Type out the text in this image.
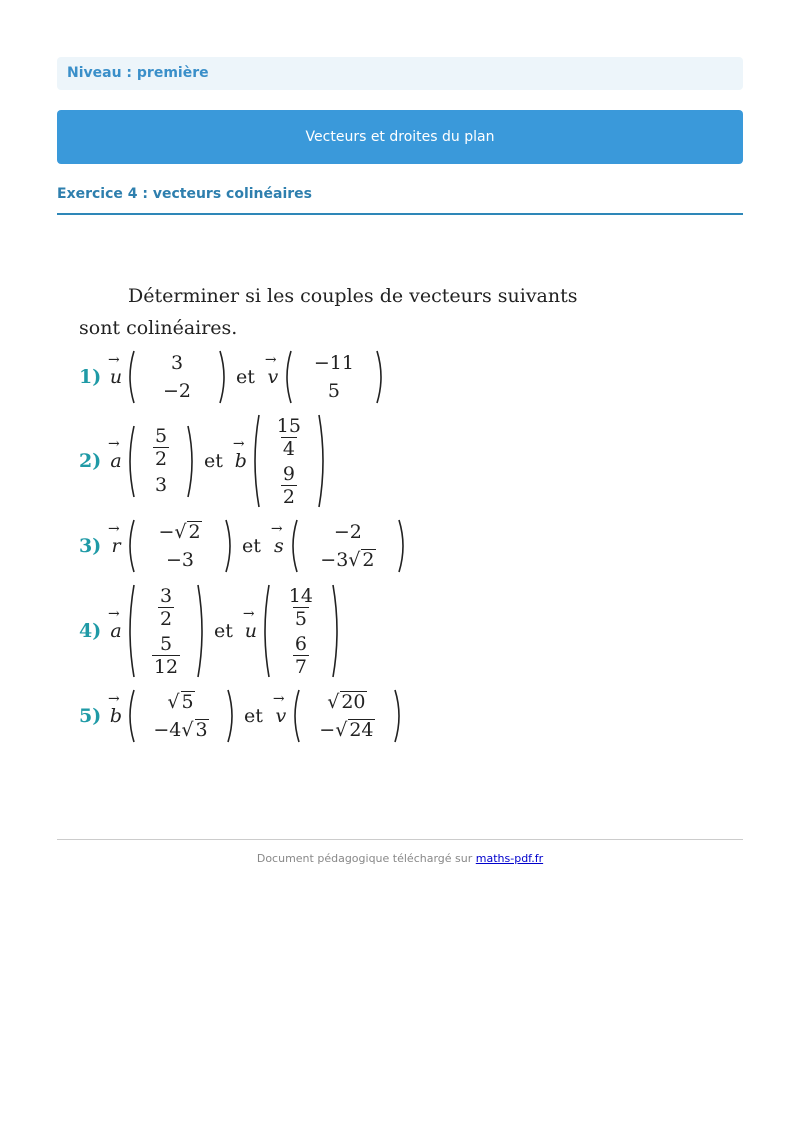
Niveau : première
Vecteurs et droites du plan
Exercice 4 : vecteurs colinéaires

Déterminer si les couples de vecteurs suivants

sont colinéaires.

1) → u
3
−2
et → v
−11
5
2) → a $\frac{5}{2}$
3
et → b
$\frac{15}{4}$
$\frac{9}{2}$
3) → r
−√ 2
−3
et → s
−2
−3√ 2
4) → a
$\frac{3}{2}$
$\frac{5}{12}$
et → u
$\frac{14}{5}$
$\frac{6}{7}$
5) → b
√ 5
−4√ 3
et → v
√ 20
−√ 24
Document pédagogique téléchargé sur maths-pdf.fr
